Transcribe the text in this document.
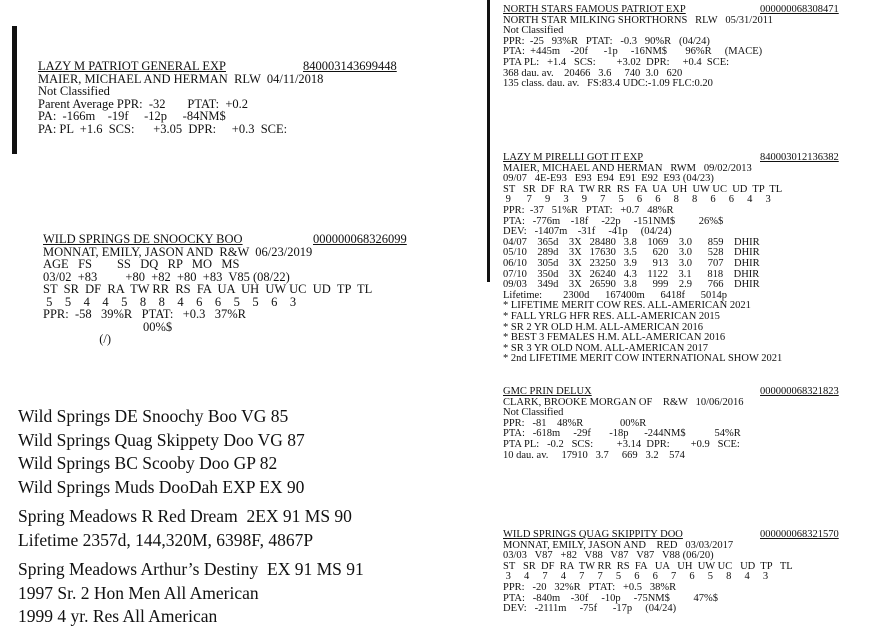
LAZY M PATRIOT GENERAL EXP	840003143699448
MAIER, MICHAEL AND HERMAN  RLW  04/11/2018
Not Classified
Parent Average PPR:  -32       PTAT:  +0.2
PA:  -166m    -19f     -12p     -84NM$
PA: PL  +1.6  SCS:      +3.05  DPR:     +0.3  SCE:
WILD SPRINGS DE SNOOCKY BOO	000000068326099
MONNAT, EMILY, JASON AND  R&W  06/23/2019
AGE   FS        SS   DQ   RP   MO   MS
03/02  +83         +80  +82  +80  +83  V85 (08/22)
ST  SR  DF  RA  TW RR  RS  FA  UA  UH  UW UC  UD  TP  TL
5    5    4    4    5    8    8    4    6    6    5    5    6    3
PPR:  -58   39%R   PTAT:   +0.3   37%R
00%$
(/)
Wild Springs DE Snoochy Boo VG 85
Wild Springs Quag Skippety Doo VG 87
Wild Springs BC Scooby Doo GP 82
Wild Springs Muds DooDah EXP EX 90
Spring Meadows R Red Dream  2EX 91 MS 90
Lifetime 2357d, 144,320M, 6398F, 4867P
Spring Meadows Arthur’s Destiny  EX 91 MS 91
1997 Sr. 2 Hon Men All American
1999 4 yr. Res All American
NORTH STARS FAMOUS PATRIOT EXP	000000068308471
NORTH STAR MILKING SHORTHORNS   RLW   05/31/2011
Not Classified
PPR:  -25   93%R   PTAT:   -0.3   90%R   (04/24)
PTA:  +445m    -20f      -1p     -16NM$       96%R     (MACE)
PTA PL:   +1.4   SCS:        +3.02  DPR:     +0.4  SCE:
368 dau. av.    20466   3.6     740  3.0   620
135 class. dau. av.   FS:83.4 UDC:-1.09 FLC:0.20
LAZY M PIRELLI GOT IT EXP	840003012136382
MAIER, MICHAEL AND HERMAN   RWM   09/02/2013
09/07   4E-E93   E93  E94  E91  E92  E93 (04/23)
ST   SR  DF  RA  TW RR  RS  FA  UA  UH  UW UC  UD  TP  TL
9      7     9     3     9     7     5     6     6     8     8     6     6     4     3
PPR:  -37   51%R   PTAT:   +0.7   48%R
PTA:   -776m    -18f     -22p     -151NM$         26%$
DEV:   -1407m    -31f     -41p     (04/24)
04/07    365d    3X   28480   3.8    1069    3.0      859    DHIR
05/10    289d    3X   17630   3.5      620    3.0      528    DHIR
06/10    305d    3X   23250   3.9      913    3.0      707    DHIR
07/10    350d    3X   26240   4.3    1122    3.1      818    DHIR
09/03    349d    3X   26590   3.8      999    2.9      766    DHIR
Lifetime:        2300d      167400m      6418f      5014p
* LIFETIME MERIT COW RES. ALL-AMERICAN 2021
* FALL YRLG HFR RES. ALL-AMERICAN 2015
* SR 2 YR OLD H.M. ALL-AMERICAN 2016
* BEST 3 FEMALES H.M. ALL-AMERICAN 2016
* SR 3 YR OLD NOM. ALL-AMERICAN 2017
* 2nd LIFETIME MERIT COW INTERNATIONAL SHOW 2021
GMC PRIN DELUX	000000068321823
CLARK, BROOKE MORGAN OF    R&W   10/06/2016
Not Classified
PPR:   -81    48%R              00%R
PTA:   -618m     -29f       -18p      -244NM$           54%R
PTA PL:   -0.2   SCS:         +3.14  DPR:        +0.9   SCE:
10 dau. av.     17910   3.7     669   3.2    574
WILD SPRINGS QUAG SKIPPITY DOO	000000068321570
MONNAT, EMILY, JASON AND    RED   03/03/2017
03/03   V87   +82   V88   V87   V87   V88 (06/20)
ST   SR  DF  RA  TW RR  RS  FA   UA   UH  UW UC   UD  TP   TL
3     4     7     4     7     7     5     6     6     7     6     5     8     4     3
PPR:   -20   32%R   PTAT:   +0.5   38%R
PTA:   -840m    -30f     -10p     -75NM$         47%$
DEV:   -2111m     -75f      -17p     (04/24)
